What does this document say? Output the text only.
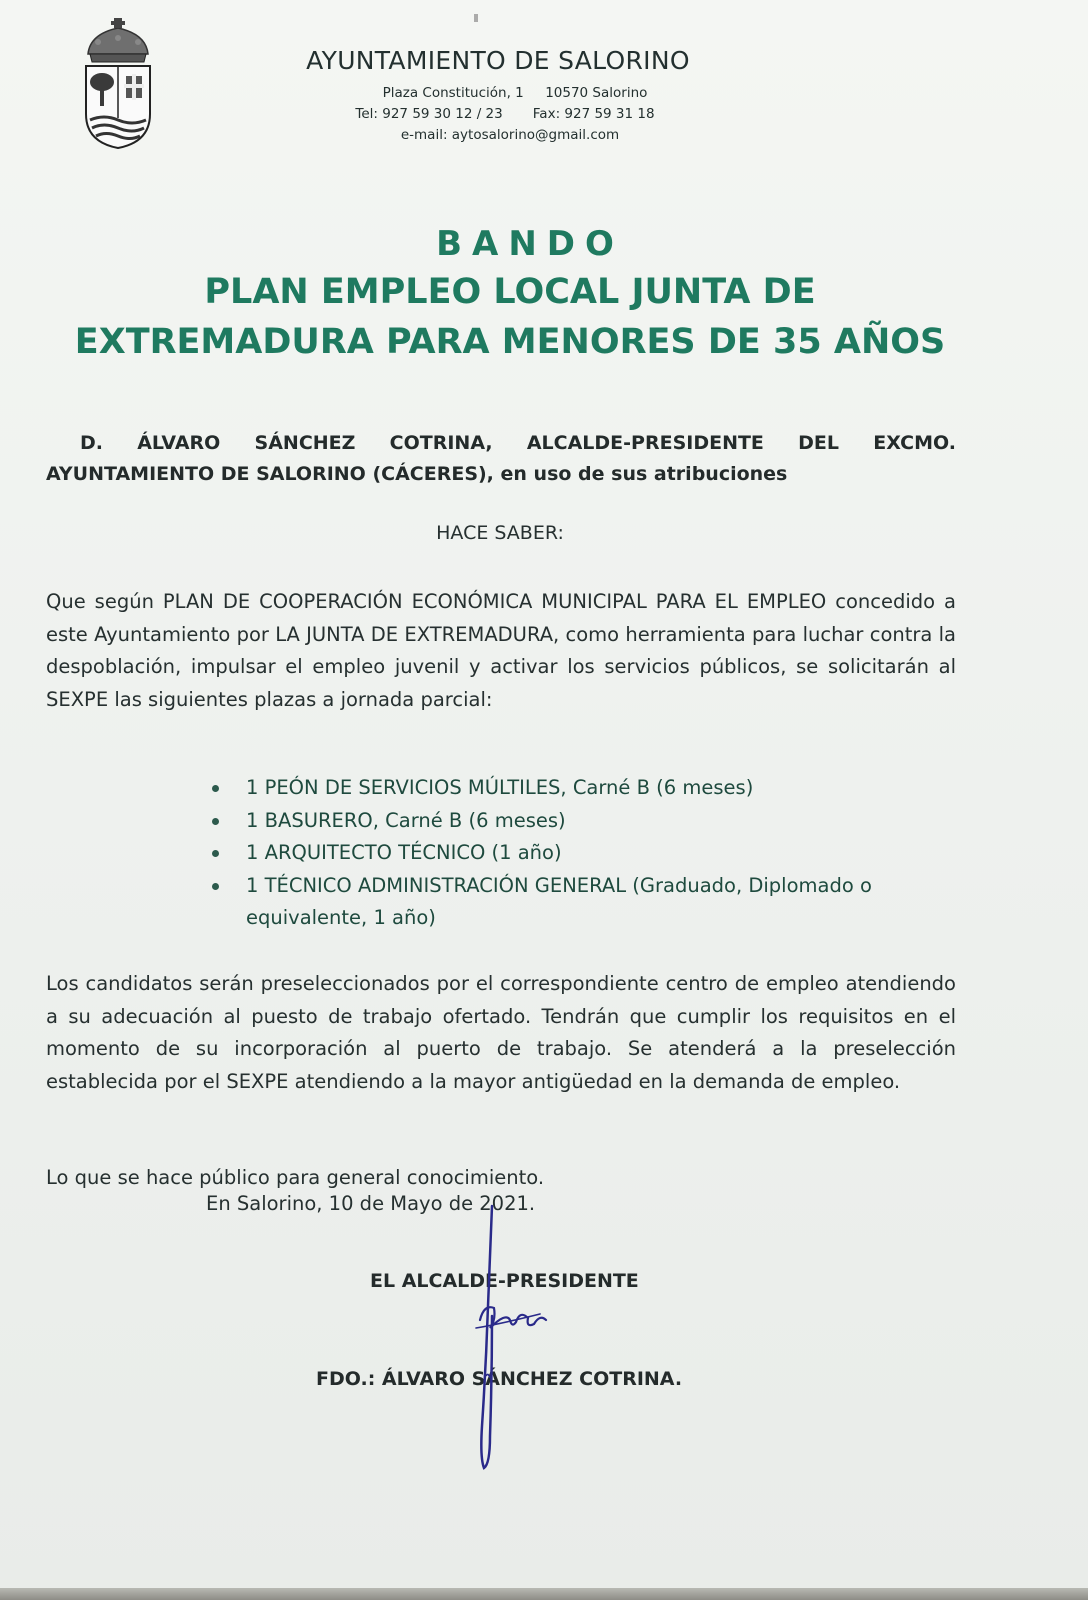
AYUNTAMIENTO DE SALORINO
Plaza Constitución, 1     10570 Salorino
Tel: 927 59 30 12 / 23       Fax: 927 59 31 18
e-mail: aytosalorino@gmail.com
BANDO
PLAN EMPLEO LOCAL JUNTA DE
EXTREMADURA PARA MENORES DE 35 AÑOS
D. ÁLVARO SÁNCHEZ COTRINA, ALCALDE-PRESIDENTE DEL EXCMO.
AYUNTAMIENTO DE SALORINO (CÁCERES), en uso de sus atribuciones
HACE SABER:
Que según PLAN DE COOPERACIÓN ECONÓMICA MUNICIPAL PARA EL EMPLEO concedido a este Ayuntamiento por LA JUNTA DE EXTREMADURA, como herramienta para luchar contra la despoblación, impulsar el empleo juvenil y activar los servicios públicos, se solicitarán al SEXPE las siguientes plazas a jornada parcial:
1 PEÓN DE SERVICIOS MÚLTILES, Carné B (6 meses)
1 BASURERO, Carné B (6 meses)
1 ARQUITECTO TÉCNICO (1 año)
1 TÉCNICO ADMINISTRACIÓN GENERAL (Graduado, Diplomado o equivalente, 1 año)
Los candidatos serán preseleccionados por el correspondiente centro de empleo atendiendo a su adecuación al puesto de trabajo ofertado. Tendrán que cumplir los requisitos en el momento de su incorporación al puerto de trabajo. Se atenderá a la preselección establecida por el SEXPE atendiendo a la mayor antigüedad en la demanda de empleo.
Lo que se hace público para general conocimiento.
En Salorino, 10 de Mayo de 2021.
EL ALCALDE-PRESIDENTE
FDO.: ÁLVARO SÁNCHEZ COTRINA.
